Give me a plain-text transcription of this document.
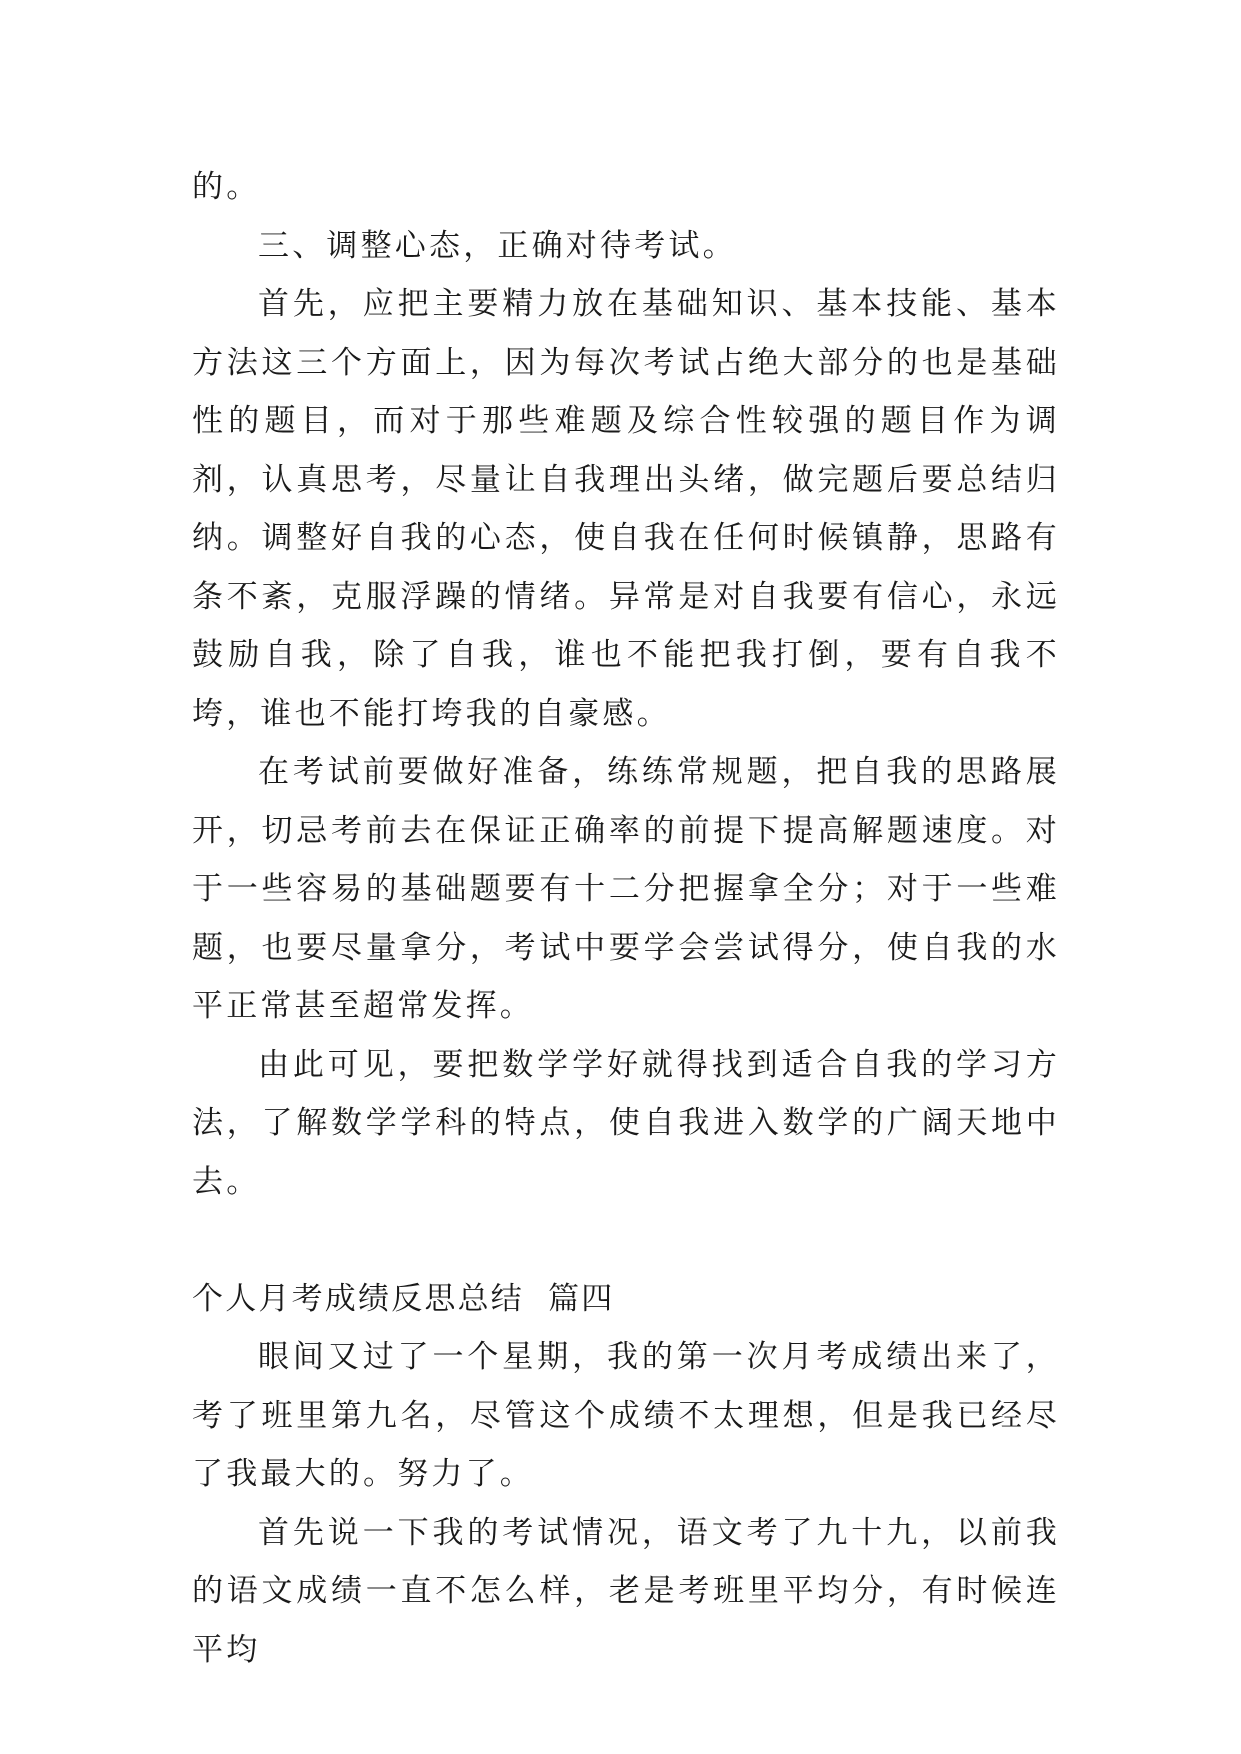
的。

三、调整心态，正确对待考试。

首先，应把主要精力放在基础知识、基本技能、基本方法这三个方面上，因为每次考试占绝大部分的也是基础性的题目，而对于那些难题及综合性较强的题目作为调剂，认真思考，尽量让自我理出头绪，做完题后要总结归纳。调整好自我的心态，使自我在任何时候镇静，思路有条不紊，克服浮躁的情绪。异常是对自我要有信心，永远鼓励自我，除了自我，谁也不能把我打倒，要有自我不垮，谁也不能打垮我的自豪感。

在考试前要做好准备，练练常规题，把自我的思路展开，切忌考前去在保证正确率的前提下提高解题速度。对于一些容易的基础题要有十二分把握拿全分；对于一些难题，也要尽量拿分，考试中要学会尝试得分，使自我的水平正常甚至超常发挥。

由此可见，要把数学学好就得找到适合自我的学习方法，了解数学学科的特点，使自我进入数学的广阔天地中去。

个人月考成绩反思总结  篇四

眼间又过了一个星期，我的第一次月考成绩出来了，考了班里第九名，尽管这个成绩不太理想，但是我已经尽了我最大的。努力了。

首先说一下我的考试情况，语文考了九十九，以前我的语文成绩一直不怎么样，老是考班里平均分，有时候连平均
